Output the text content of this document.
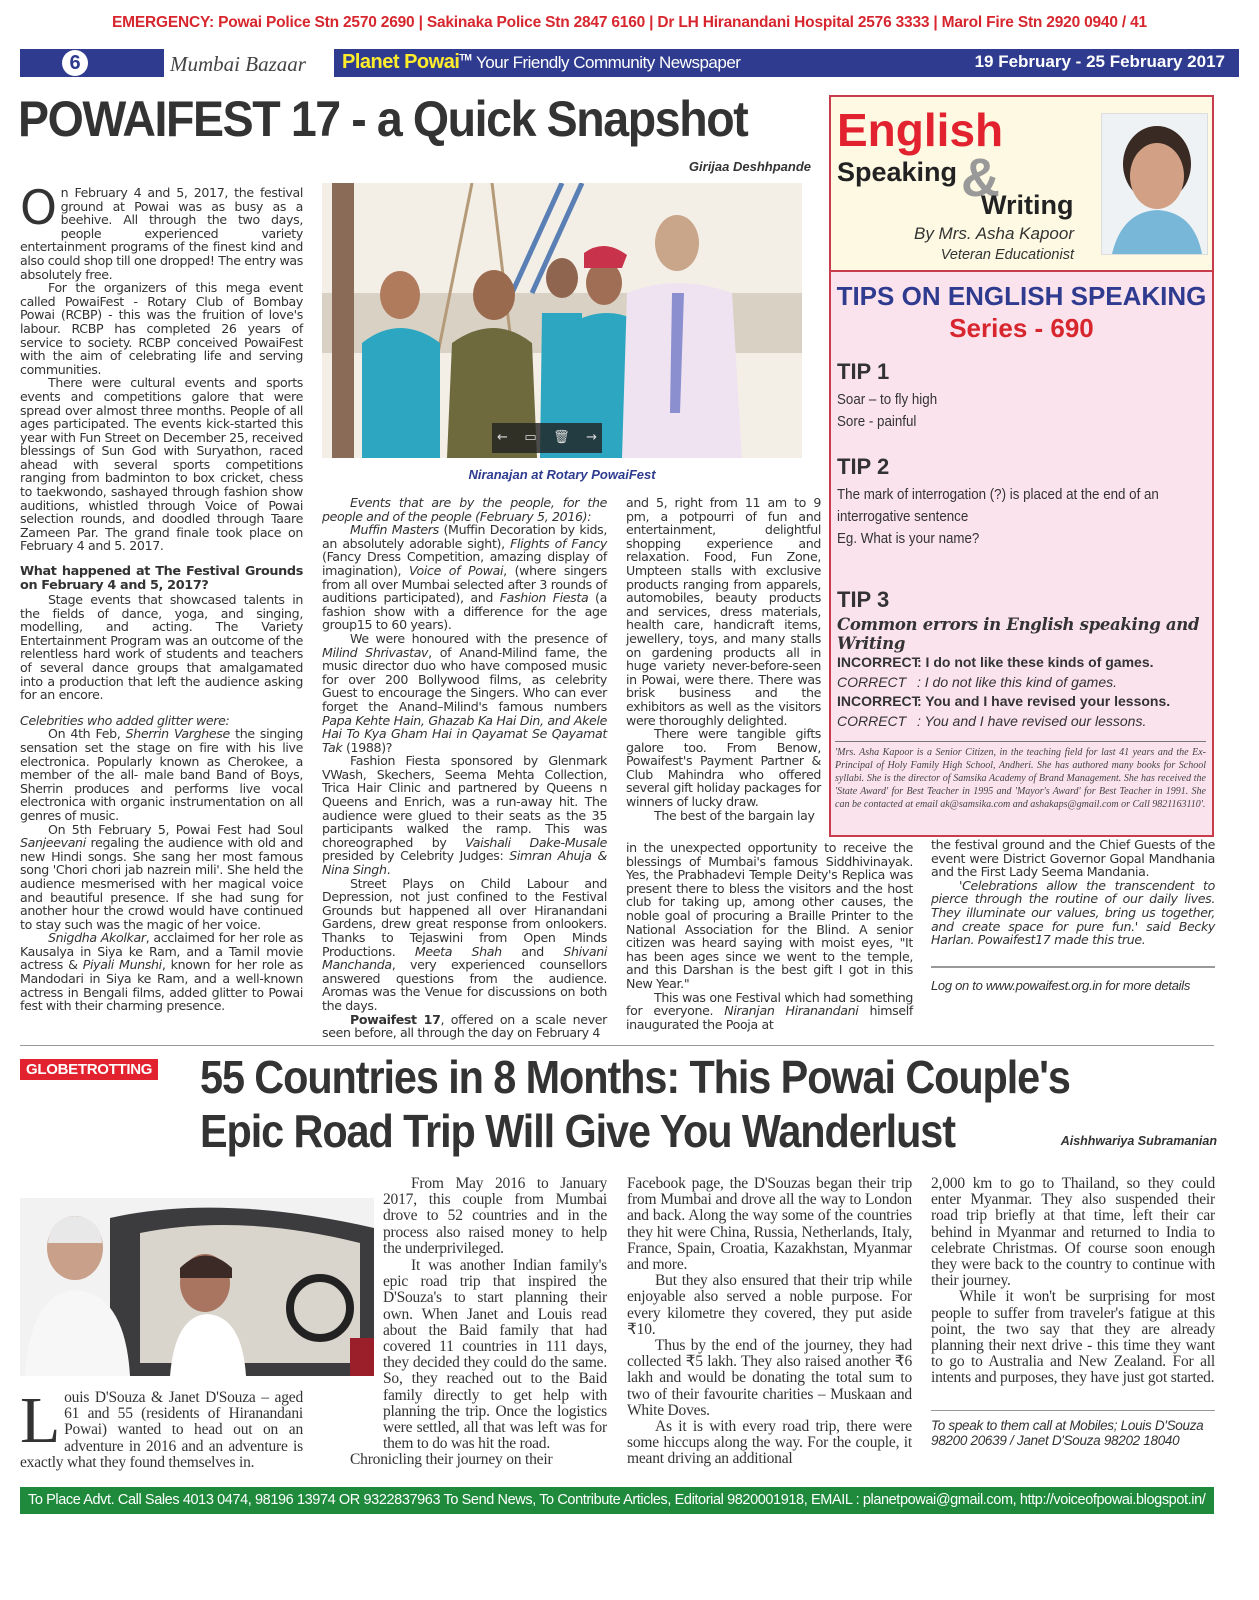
EMERGENCY: Powai Police Stn 2570 2690 | Sakinaka Police Stn 2847 6160 | Dr LH Hiranandani Hospital 2576 3333 | Marol Fire Stn 2920 0940 / 41
6	Mumbai Bazaar Planet Powai™ Your Friendly Community Newspaper	19 February - 25 February 2017
POWAIFEST 17 - a Quick Snapshot
Girijaa Deshhpande

On February 4 and 5, 2017, the festival ground at Powai was as busy as a beehive. All through the two days, people experienced variety entertainment programs of the finest kind and also could shop till one dropped! The entry was absolutely free.

For the organizers of this mega event called PowaiFest - Rotary Club of Bombay Powai (RCBP) - this was the fruition of love's labour. RCBP has completed 26 years of service to society. RCBP conceived PowaiFest with the aim of celebrating life and serving communities.

There were cultural events and sports events and competitions galore that were spread over almost three months. People of all ages participated. The events kick-started this year with Fun Street on December 25, received blessings of Sun God with Suryathon, raced ahead with several sports competitions ranging from badminton to box cricket, chess to taekwondo, sashayed through fashion show auditions, whistled through Voice of Powai selection rounds, and doodled through Taare Zameen Par. The grand finale took place on February 4 and 5. 2017.

What happened at The Festival Grounds on February 4 and 5, 2017?

Stage events that showcased talents in the fields of dance, yoga, and singing, modelling, and acting. The Variety Entertainment Program was an outcome of the relentless hard work of students and teachers of several dance groups that amalgamated into a production that left the audience asking for an encore.

Celebrities who added glitter were:

On 4th Feb, Sherrin Varghese the singing sensation set the stage on fire with his live electronica. Popularly known as Cherokee, a member of the all- male band Band of Boys, Sherrin produces and performs live vocal electronica with organic instrumentation on all genres of music.

On 5th February 5, Powai Fest had Soul Sanjeevani regaling the audience with old and new Hindi songs. She sang her most famous song 'Chori chori jab nazrein mili'. She held the audience mesmerised with her magical voice and beautiful presence. If she had sung for another hour the crowd would have continued to stay such was the magic of her voice.

Snigdha Akolkar, acclaimed for her role as Kausalya in Siya ke Ram, and a Tamil movie actress & Piyali Munshi, known for her role as Mandodari in Siya ke Ram, and a well-known actress in Bengali films, added glitter to Powai fest with their charming presence.

← ▭ 🗑 →
Niranajan at Rotary PowaiFest

Events that are by the people, for the people and of the people (February 5, 2016):

Muffin Masters (Muffin Decoration by kids, an absolutely adorable sight), Flights of Fancy (Fancy Dress Competition, amazing display of imagination), Voice of Powai, (where singers from all over Mumbai selected after 3 rounds of auditions participated), and Fashion Fiesta (a fashion show with a difference for the age group15 to 60 years).

We were honoured with the presence of Milind Shrivastav, of Anand-Milind fame, the music director duo who have composed music for over 200 Bollywood films, as celebrity Guest to encourage the Singers. Who can ever forget the Anand–Milind's famous numbers Papa Kehte Hain, Ghazab Ka Hai Din, and Akele Hai To Kya Gham Hai in Qayamat Se Qayamat Tak (1988)?

Fashion Fiesta sponsored by Glenmark VWash, Skechers, Seema Mehta Collection, Trica Hair Clinic and partnered by Queens n Queens and Enrich, was a run-away hit. The audience were glued to their seats as the 35 participants walked the ramp. This was choreographed by Vaishali Dake-Musale presided by Celebrity Judges: Simran Ahuja & Nina Singh.

Street Plays on Child Labour and Depression, not just confined to the Festival Grounds but happened all over Hiranandani Gardens, drew great response from onlookers. Thanks to Tejaswini from Open Minds Productions. Meeta Shah and Shivani Manchanda, very experienced counsellors answered questions from the audience. Aromas was the Venue for discussions on both the days.

Powaifest 17, offered on a scale never seen before, all through the day on February 4

and 5, right from 11 am to 9 pm, a potpourri of fun and entertainment, delightful shopping experience and relaxation. Food, Fun Zone, Umpteen stalls with exclusive products ranging from apparels, automobiles, beauty products and services, dress materials, health care, handicraft items, jewellery, toys, and many stalls on gardening products all in huge variety never-before-seen in Powai, were there. There was brisk business and the exhibitors as well as the visitors were thoroughly delighted.

There were tangible gifts galore too. From Benow, Powaifest's Payment Partner & Club Mahindra who offered several gift holiday packages for winners of lucky draw.

The best of the bargain lay

in the unexpected opportunity to receive the blessings of Mumbai's famous Siddhivinayak. Yes, the Prabhadevi Temple Deity's Replica was present there to bless the visitors and the host club for taking up, among other causes, the noble goal of procuring a Braille Printer to the National Association for the Blind. A senior citizen was heard saying with moist eyes, "It has been ages since we went to the temple, and this Darshan is the best gift I got in this New Year."

This was one Festival which had something for everyone. Niranjan Hiranandani himself inaugurated the Pooja at

English
&
Speaking
Writing
By Mrs. Asha Kapoor
Veteran Educationist
TIPS ON ENGLISH SPEAKING
Series - 690
TIP 1
Soar – to fly high
Sore - painful
TIP 2
The mark of interrogation (?) is placed at the end of an
interrogative sentence
Eg. What is your name?
TIP 3
Common errors in English speaking and Writing
INCORRECT
: I do not like these kinds of games.
CORRECT : I do not like this kind of games.
INCORRECT
: You and I have revised your lessons.
CORRECT : You and I have revised our lessons.
'Mrs. Asha Kapoor is a Senior Citizen, in the teaching field for last 41 years and the Ex-Principal of Holy Family High School, Andheri. She has authored many books for School syllabi. She is the director of Samsika Academy of Brand Management. She has received the 'State Award' for Best Teacher in 1995 and 'Mayor's Award' for Best Teacher in 1991. She can be contacted at email ak@samsika.com and ashakaps@gmail.com or Call 9821163110'.

the festival ground and the Chief Guests of the event were District Governor Gopal Mandhania and the First Lady Seema Mandania.

'Celebrations allow the transcendent to pierce through the routine of our daily lives. They illuminate our values, bring us together, and create space for pure fun.' said Becky Harlan. Powaifest17 made this true.

Log on to www.powaifest.org.in for more details
GLOBETROTTING 55 Countries in 8 Months: This Powai Couple's
Epic Road Trip Will Give You Wanderlust	Aishhwariya Subramanian

Louis D'Souza & Janet D'Souza – aged 61 and 55 (residents of Hiranandani Powai) wanted to head out on an adventure in 2016 and an adventure is exactly what they found themselves in.

From May 2016 to January 2017, this couple from Mumbai drove to 52 countries and in the process also raised money to help the underprivileged.

It was another Indian family's epic road trip that inspired the D'Souza's to start planning their own. When Janet and Louis read about the Baid family that had covered 11 countries in 111 days, they decided they could do the same. So, they reached out to the Baid family directly to get help with planning the trip. Once the logistics were settled, all that was left was for them to do was hit the road.

Chronicling their journey on their

Facebook page, the D'Souzas began their trip from Mumbai and drove all the way to London and back. Along the way some of the countries they hit were China, Russia, Netherlands, Italy, France, Spain, Croatia, Kazakhstan, Myanmar and more.

But they also ensured that their trip while enjoyable also served a noble purpose. For every kilometre they covered, they put aside ₹10.

Thus by the end of the journey, they had collected ₹5 lakh. They also raised another ₹6 lakh and would be donating the total sum to two of their favourite charities – Muskaan and White Doves.

As it is with every road trip, there were some hiccups along the way. For the couple, it meant driving an additional

2,000 km to go to Thailand, so they could enter Myanmar. They also suspended their road trip briefly at that time, left their car behind in Myanmar and returned to India to celebrate Christmas. Of course soon enough they were back to the country to continue with their journey.

While it won't be surprising for most people to suffer from traveler's fatigue at this point, the two say that they are already planning their next drive - this time they want to go to Australia and New Zealand. For all intents and purposes, they have just got started.

To speak to them call at Mobiles; Louis D'Souza 98200 20639 / Janet D'Souza 98202 18040
To Place Advt. Call Sales 4013 0474, 98196 13974 OR 9322837963 To Send News, To Contribute Articles, Editorial 9820001918, EMAIL : planetpowai@gmail.com, http://voiceofpowai.blogspot.in/
